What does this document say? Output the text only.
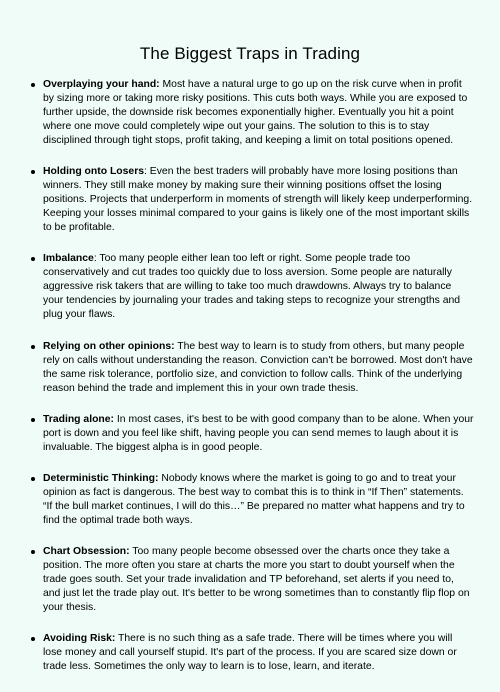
The Biggest Traps in Trading
Overplaying your hand: Most have a natural urge to go up on the risk curve when in profit by sizing more or taking more risky positions. This cuts both ways. While you are exposed to further upside, the downside risk becomes exponentially higher. Eventually you hit a point where one move could completely wipe out your gains. The solution to this is to stay disciplined through tight stops, profit taking, and keeping a limit on total positions opened.
Holding onto Losers: Even the best traders will probably have more losing positions than winners. They still make money by making sure their winning positions offset the losing positions. Projects that underperform in moments of strength will likely keep underperforming. Keeping your losses minimal compared to your gains is likely one of the most important skills to be profitable.
Imbalance: Too many people either lean too left or right. Some people trade too conservatively and cut trades too quickly due to loss aversion. Some people are naturally aggressive risk takers that are willing to take too much drawdowns. Always try to balance your tendencies by journaling your trades and taking steps to recognize your strengths and plug your flaws.
Relying on other opinions: The best way to learn is to study from others, but many people rely on calls without understanding the reason. Conviction can't be borrowed. Most don't have the same risk tolerance, portfolio size, and conviction to follow calls. Think of the underlying reason behind the trade and implement this in your own trade thesis.
Trading alone: In most cases, it's best to be with good company than to be alone. When your port is down and you feel like shift, having people you can send memes to laugh about it is invaluable. The biggest alpha is in good people.
Deterministic Thinking: Nobody knows where the market is going to go and to treat your opinion as fact is dangerous. The best way to combat this is to think in “If Then” statements. “If the bull market continues, I will do this…” Be prepared no matter what happens and try to find the optimal trade both ways.
Chart Obsession: Too many people become obsessed over the charts once they take a position. The more often you stare at charts the more you start to doubt yourself when the trade goes south. Set your trade invalidation and TP beforehand, set alerts if you need to, and just let the trade play out. It's better to be wrong sometimes than to constantly flip flop on your thesis.
Avoiding Risk: There is no such thing as a safe trade. There will be times where you will lose money and call yourself stupid. It's part of the process. If you are scared size down or trade less. Sometimes the only way to learn is to lose, learn, and iterate.
